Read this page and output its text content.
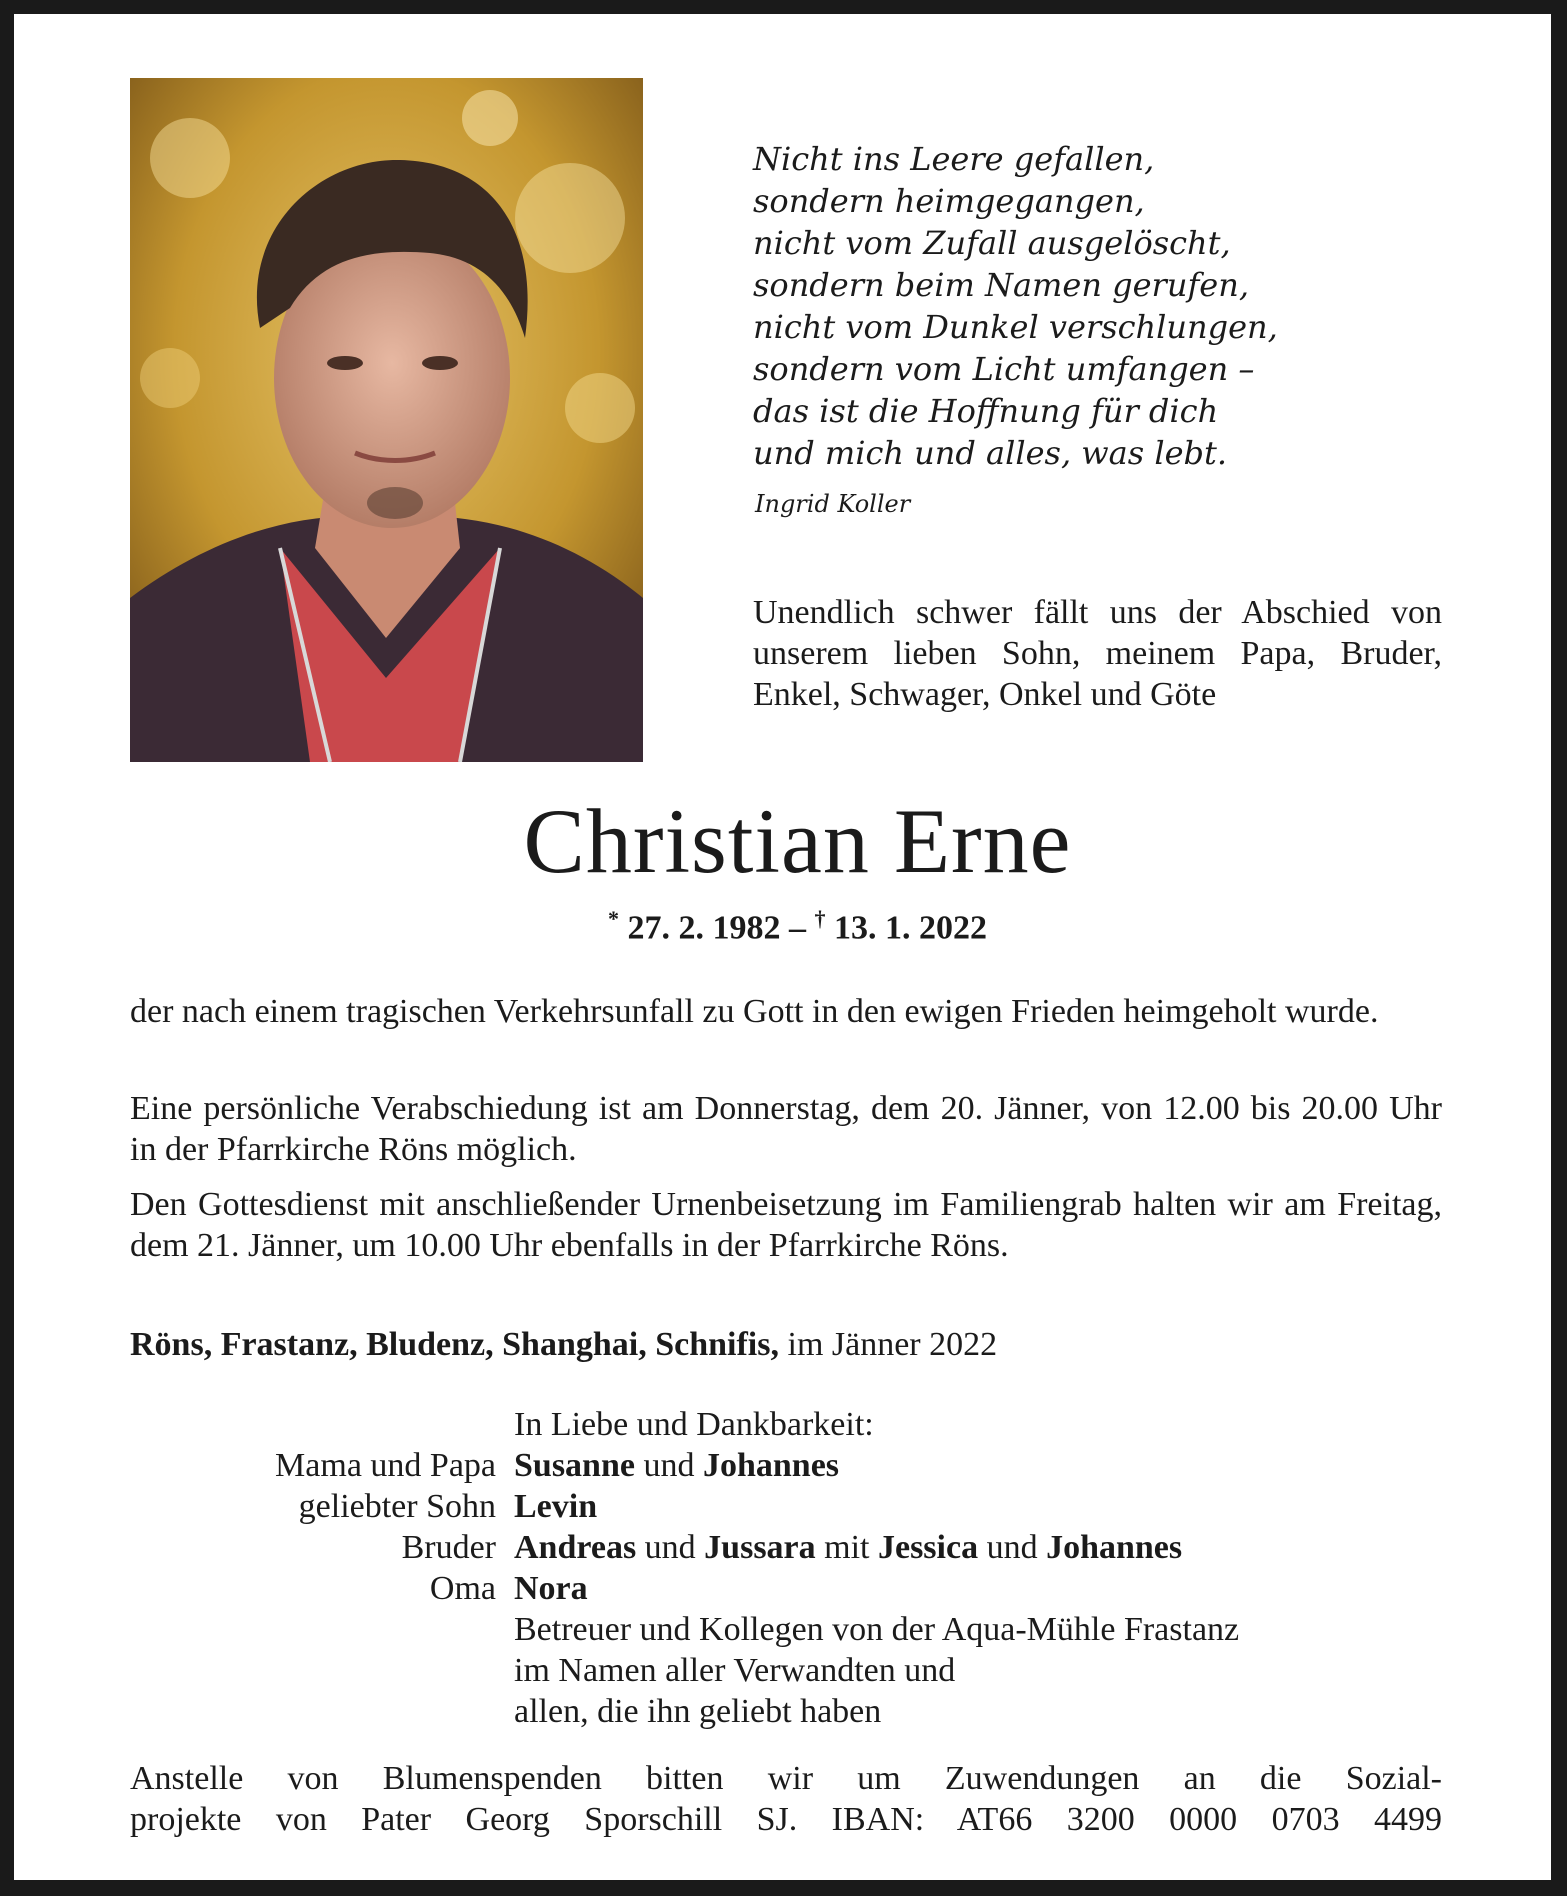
Nicht ins Leere gefallen,
sondern heimgegangen,
nicht vom Zufall ausgelöscht,
sondern beim Namen gerufen,
nicht vom Dunkel verschlungen,
sondern vom Licht umfangen –
das ist die Hoffnung für dich
und mich und alles, was lebt.
Ingrid Koller
Unendlich schwer fällt uns der Abschied von unserem lieben Sohn, meinem Papa, Bruder, Enkel, Schwager, Onkel und Göte
Christian Erne
* 27. 2. 1982 – † 13. 1. 2022
der nach einem tragischen Verkehrsunfall zu Gott in den ewigen Frieden heimgeholt wurde.
Eine persönliche Verabschiedung ist am Donnerstag, dem 20. Jänner, von 12.00 bis 20.00 Uhr in der Pfarrkirche Röns möglich.
Den Gottesdienst mit anschließender Urnenbeisetzung im Familiengrab halten wir am Freitag, dem 21. Jänner, um 10.00 Uhr ebenfalls in der Pfarrkirche Röns.
Röns, Frastanz, Bludenz, Shanghai, Schnifis, im Jänner 2022
In Liebe und Dankbarkeit:
Mama und Papa Susanne und Johannes
geliebter Sohn Levin
Bruder Andreas und Jussara mit Jessica und Johannes
Oma Nora
Betreuer und Kollegen von der Aqua-Mühle Frastanz
im Namen aller Verwandten und
allen, die ihn geliebt haben
Anstelle von Blumenspenden bitten wir um Zuwendungen an die Sozial-
projekte von Pater Georg Sporschill SJ. IBAN: AT66 3200 0000 0703 4499
